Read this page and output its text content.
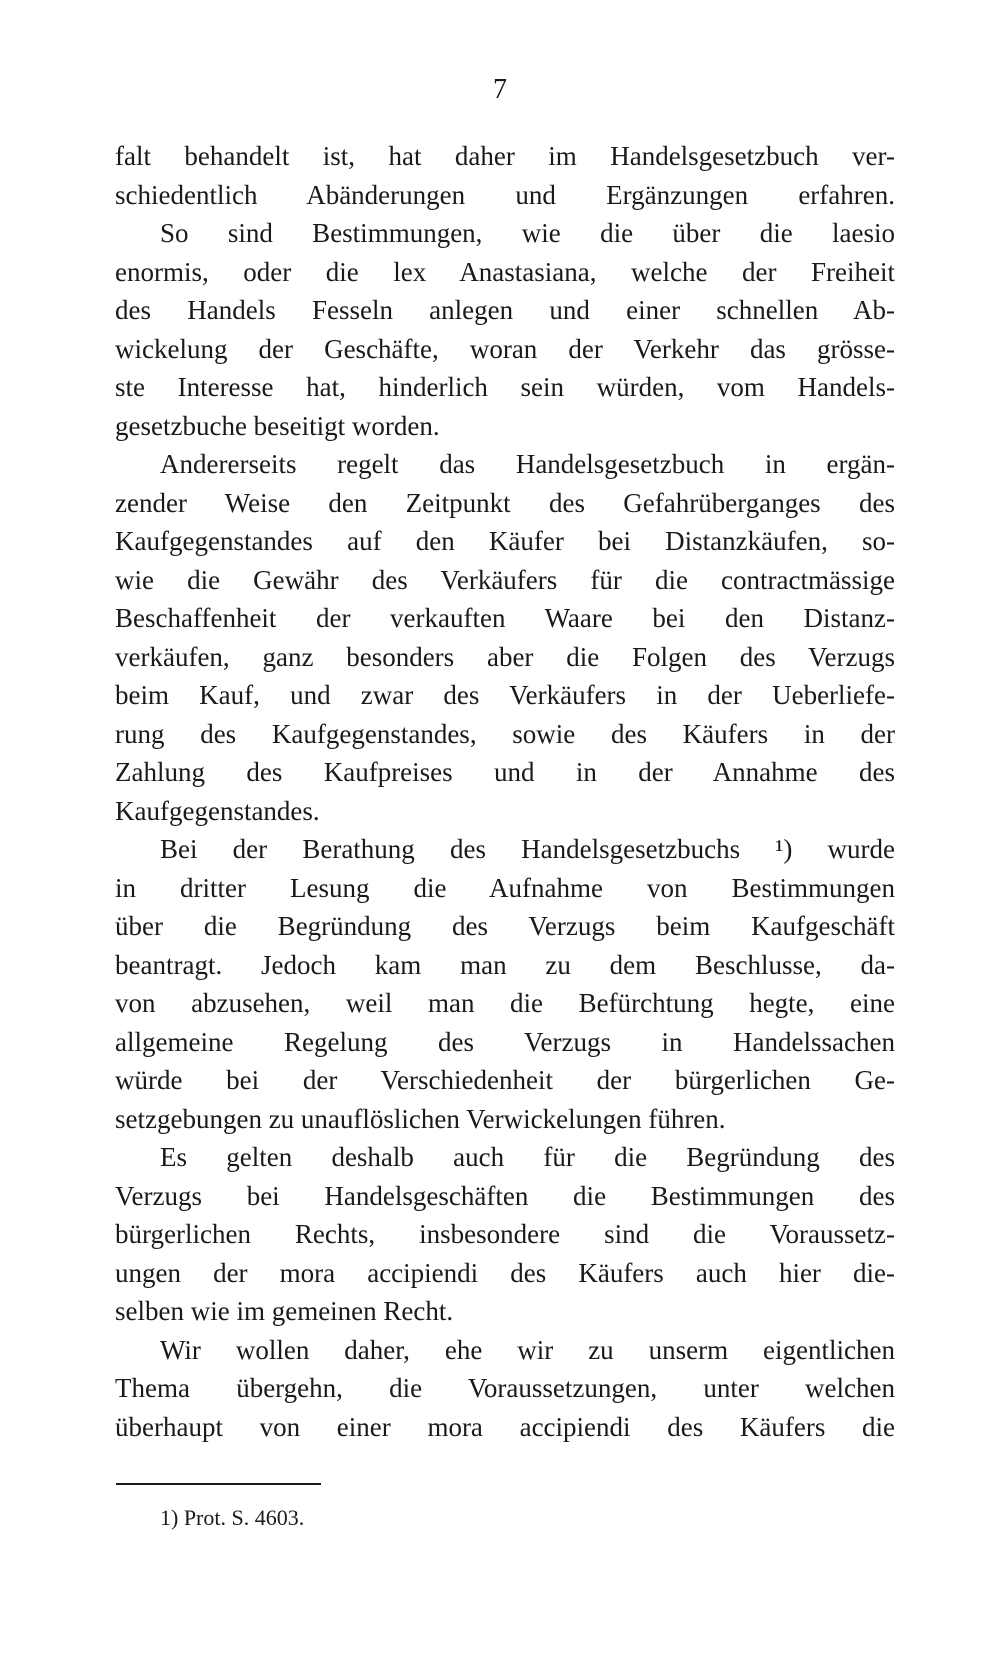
7
falt behandelt ist, hat daher im Handelsgesetzbuch ver-
schiedentlich Abänderungen und Ergänzungen erfahren.
So sind Bestimmungen, wie die über die laesio
enormis, oder die lex Anastasiana, welche der Freiheit
des Handels Fesseln anlegen und einer schnellen Ab-
wickelung der Geschäfte, woran der Verkehr das grösse-
ste Interesse hat, hinderlich sein würden, vom Handels-
gesetzbuche beseitigt worden.
Andererseits regelt das Handelsgesetzbuch in ergän-
zender Weise den Zeitpunkt des Gefahrüberganges des
Kaufgegenstandes auf den Käufer bei Distanzkäufen, so-
wie die Gewähr des Verkäufers für die contractmässige
Beschaffenheit der verkauften Waare bei den Distanz-
verkäufen, ganz besonders aber die Folgen des Verzugs
beim Kauf, und zwar des Verkäufers in der Ueberliefe-
rung des Kaufgegenstandes, sowie des Käufers in der
Zahlung des Kaufpreises und in der Annahme des
Kaufgegenstandes.
Bei der Berathung des Handelsgesetzbuchs ¹) wurde
in dritter Lesung die Aufnahme von Bestimmungen
über die Begründung des Verzugs beim Kaufgeschäft
beantragt. Jedoch kam man zu dem Beschlusse, da-
von abzusehen, weil man die Befürchtung hegte, eine
allgemeine Regelung des Verzugs in Handelssachen
würde bei der Verschiedenheit der bürgerlichen Ge-
setzgebungen zu unauflöslichen Verwickelungen führen.
Es gelten deshalb auch für die Begründung des
Verzugs bei Handelsgeschäften die Bestimmungen des
bürgerlichen Rechts, insbesondere sind die Voraussetz-
ungen der mora accipiendi des Käufers auch hier die-
selben wie im gemeinen Recht.
Wir wollen daher, ehe wir zu unserm eigentlichen
Thema übergehn, die Voraussetzungen, unter welchen
überhaupt von einer mora accipiendi des Käufers die
1) Prot. S. 4603.
